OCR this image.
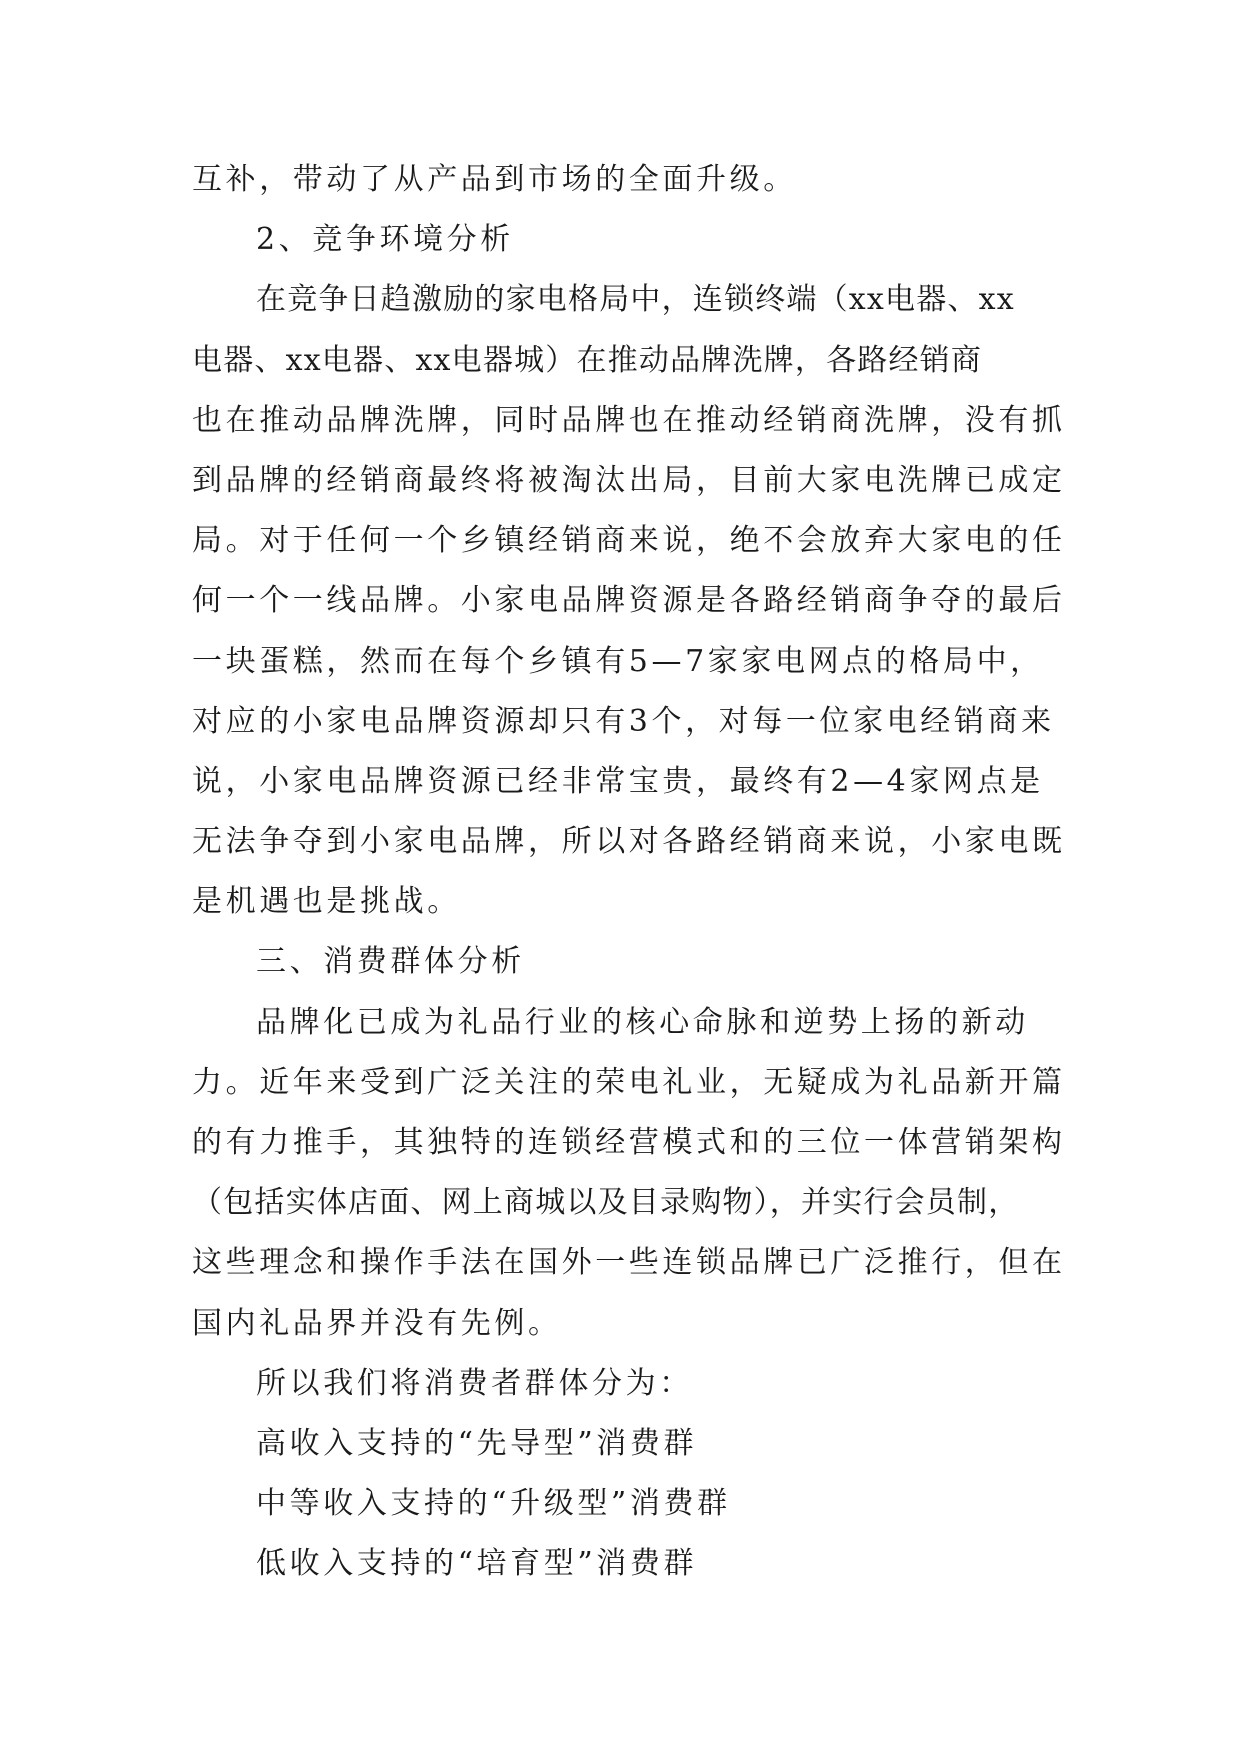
互补，带动了从产品到市场的全面升级。
2、竞争环境分析
在竞争日趋激励的家电格局中，连锁终端（xx电器、xx
电器、xx电器、xx电器城）在推动品牌洗牌，各路经销商
也在推动品牌洗牌，同时品牌也在推动经销商洗牌，没有抓
到品牌的经销商最终将被淘汰出局，目前大家电洗牌已成定
局。对于任何一个乡镇经销商来说，绝不会放弃大家电的任
何一个一线品牌。小家电品牌资源是各路经销商争夺的最后
一块蛋糕，然而在每个乡镇有5—7家家电网点的格局中，
对应的小家电品牌资源却只有3个，对每一位家电经销商来
说，小家电品牌资源已经非常宝贵，最终有2—4家网点是
无法争夺到小家电品牌，所以对各路经销商来说，小家电既
是机遇也是挑战。
三、消费群体分析
品牌化已成为礼品行业的核心命脉和逆势上扬的新动
力。近年来受到广泛关注的荣电礼业，无疑成为礼品新开篇
的有力推手，其独特的连锁经营模式和的三位一体营销架构
（包括实体店面、网上商城以及目录购物），并实行会员制，
这些理念和操作手法在国外一些连锁品牌已广泛推行，但在
国内礼品界并没有先例。
所以我们将消费者群体分为：
高收入支持的“先导型”消费群
中等收入支持的“升级型”消费群
低收入支持的“培育型”消费群
